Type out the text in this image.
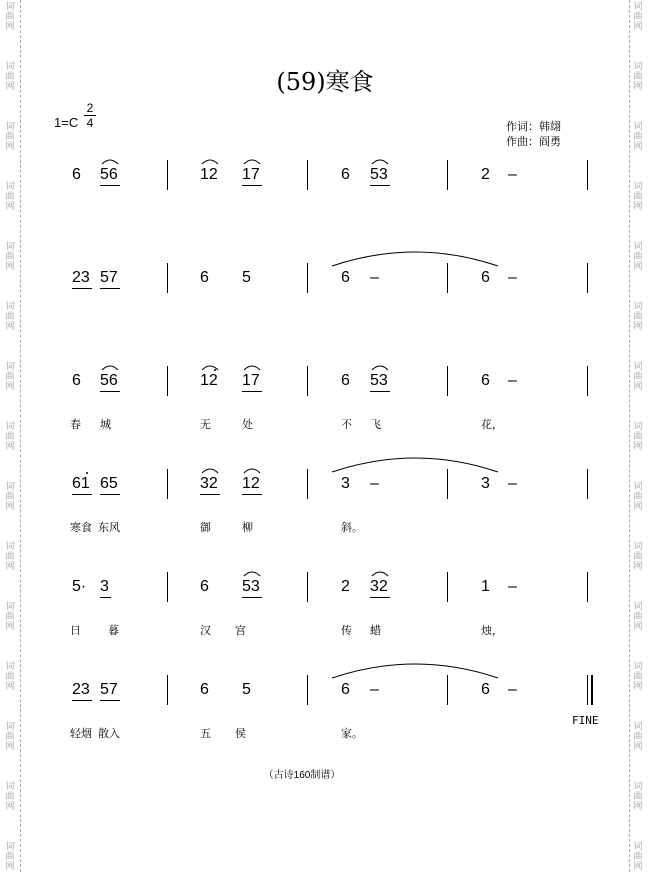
词
曲
网
词
曲
网
词
曲
网
词
曲
网
词
曲
网
词
曲
网
词
曲
网
词
曲
网
词
曲
网
词
曲
网
词
曲
网
词
曲
网
词
曲
网
词
曲
网
词
曲
网
词
曲
网
词
曲
网
词
曲
网
词
曲
网
词
曲
网
词
曲
网
词
曲
网
词
曲
网
词
曲
网
词
曲
网
词
曲
网
词
曲
网
词
曲
网
词
曲
网
词
曲
网
(59)寒食
$1=C \frac{2}{4}$	作词：韩翃
作曲：阎勇
6 56	12 17	6 53	2 –
23 57	6 5	6 –	6 –
6 56	12 17	6 53	6 –
春 城	无	处	不 飞	花，
61 65	32 12	3 –	3 –
寒食 东风	御	柳	斜。
5· 3	6 53	2 32	1 –
日 暮	汉 宫	传 蜡	烛，
23 57	6 5	6 –	6 –
轻烟 散入	五 侯	家。
FINE
（古诗160制谱）
